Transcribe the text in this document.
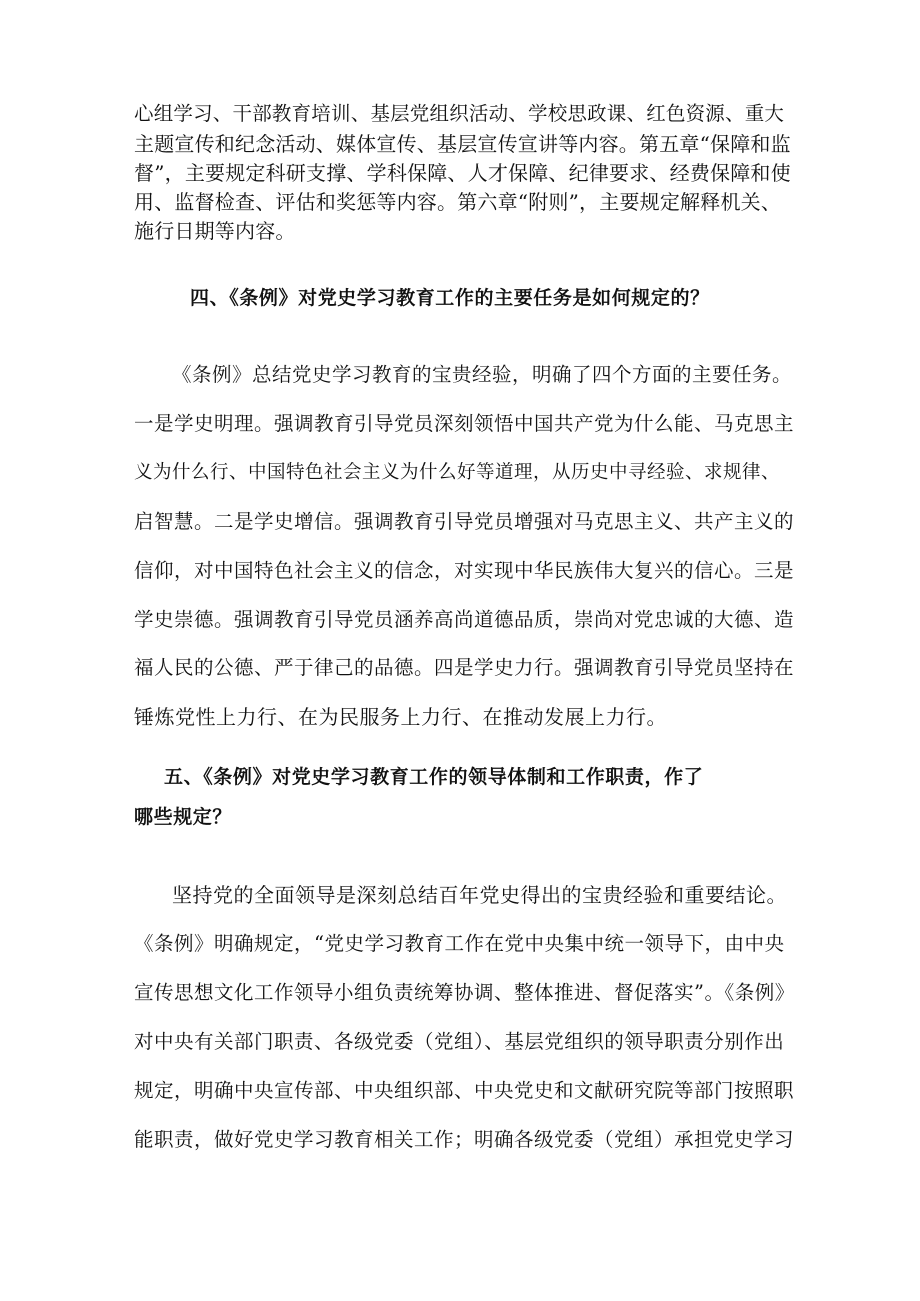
心组学习、干部教育培训、基层党组织活动、学校思政课、红色资源、重大

主题宣传和纪念活动、媒体宣传、基层宣传宣讲等内容。第五章“保障和监

督”，主要规定科研支撑、学科保障、人才保障、纪律要求、经费保障和使

用、监督检查、评估和奖惩等内容。第六章“附则”，主要规定解释机关、

施行日期等内容。

四、《条例》对党史学习教育工作的主要任务是如何规定的？

《条例》总结党史学习教育的宝贵经验，明确了四个方面的主要任务。

一是学史明理。强调教育引导党员深刻领悟中国共产党为什么能、马克思主

义为什么行、中国特色社会主义为什么好等道理，从历史中寻经验、求规律、

启智慧。二是学史增信。强调教育引导党员增强对马克思主义、共产主义的

信仰，对中国特色社会主义的信念，对实现中华民族伟大复兴的信心。三是

学史崇德。强调教育引导党员涵养高尚道德品质，崇尚对党忠诚的大德、造

福人民的公德、严于律己的品德。四是学史力行。强调教育引导党员坚持在

锤炼党性上力行、在为民服务上力行、在推动发展上力行。

五、《条例》对党史学习教育工作的领导体制和工作职责，作了

哪些规定？

坚持党的全面领导是深刻总结百年党史得出的宝贵经验和重要结论。

《条例》明确规定，“党史学习教育工作在党中央集中统一领导下，由中央

宣传思想文化工作领导小组负责统筹协调、整体推进、督促落实”。《条例》

对中央有关部门职责、各级党委（党组）、基层党组织的领导职责分别作出

规定，明确中央宣传部、中央组织部、中央党史和文献研究院等部门按照职

能职责，做好党史学习教育相关工作；明确各级党委（党组）承担党史学习
